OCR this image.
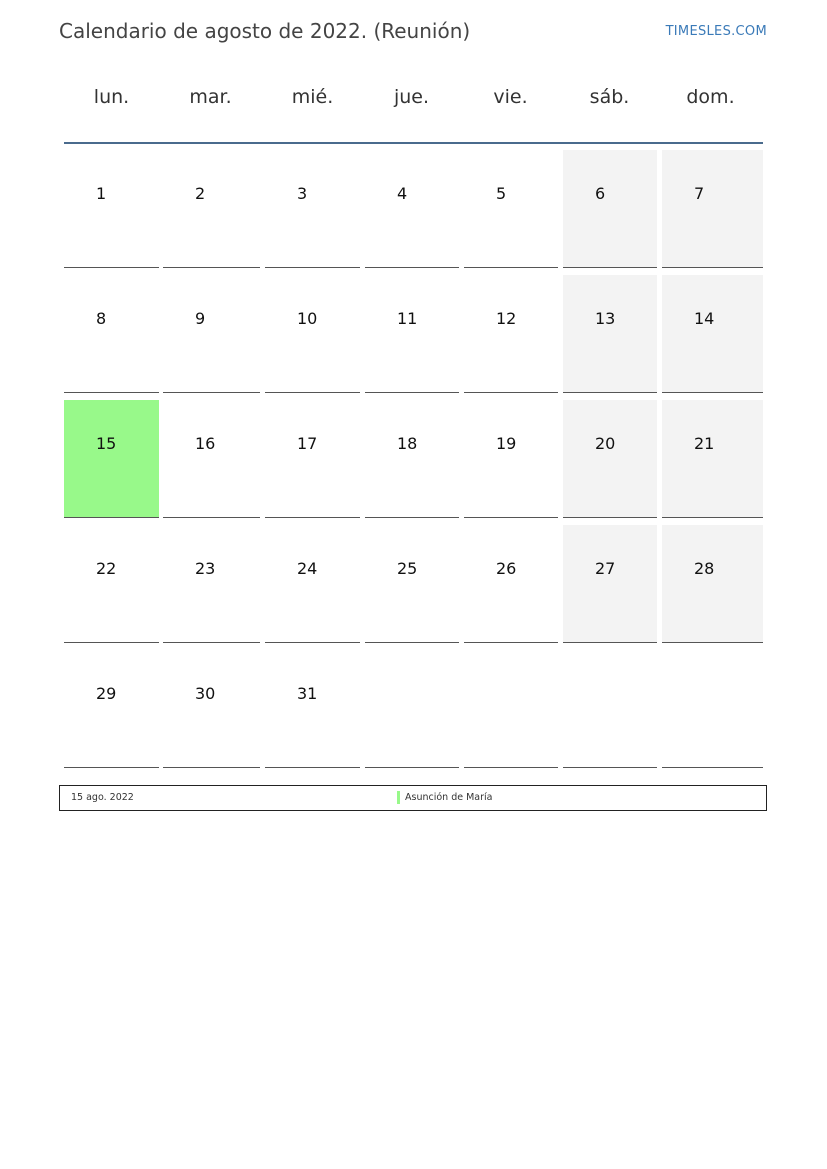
Calendario de agosto de 2022. (Reunión)	TIMESLES.COM
lun.	mar.	mié.	jue.	vie.	sáb.	dom.
1	2	3	4	5	6	7
8	9	10	11	12	13	14
15	16	17	18	19	20	21
22	23	24	25	26	27	28
29	30	31
15 ago. 2022	Asunción de María
